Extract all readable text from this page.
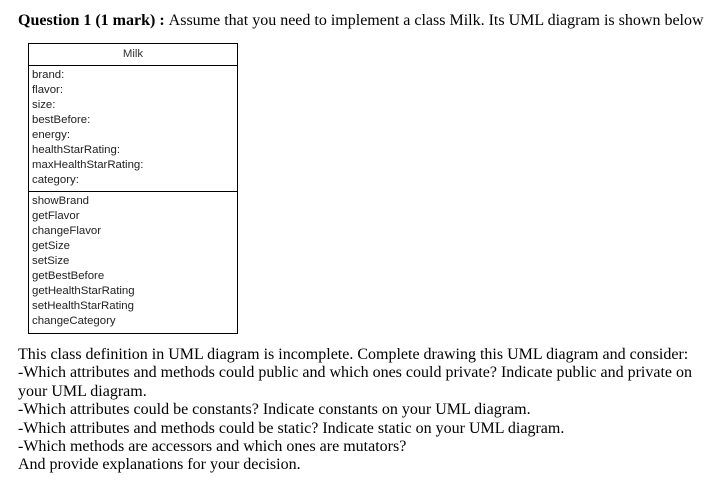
Question 1 (1 mark) : Assume that you need to implement a class Milk. Its UML diagram is shown below
Milk
brand:
flavor:
size:
bestBefore:
energy:
healthStarRating:
maxHealthStarRating:
category:
showBrand
getFlavor
changeFlavor
getSize
setSize
getBestBefore
getHealthStarRating
setHealthStarRating
changeCategory

This class definition in UML diagram is incomplete. Complete drawing this UML diagram and consider:

-Which attributes and methods could public and which ones could private? Indicate public and private on your UML diagram.

-Which attributes could be constants? Indicate constants on your UML diagram.

-Which attributes and methods could be static? Indicate static on your UML diagram.

-Which methods are accessors and which ones are mutators?

And provide explanations for your decision.
